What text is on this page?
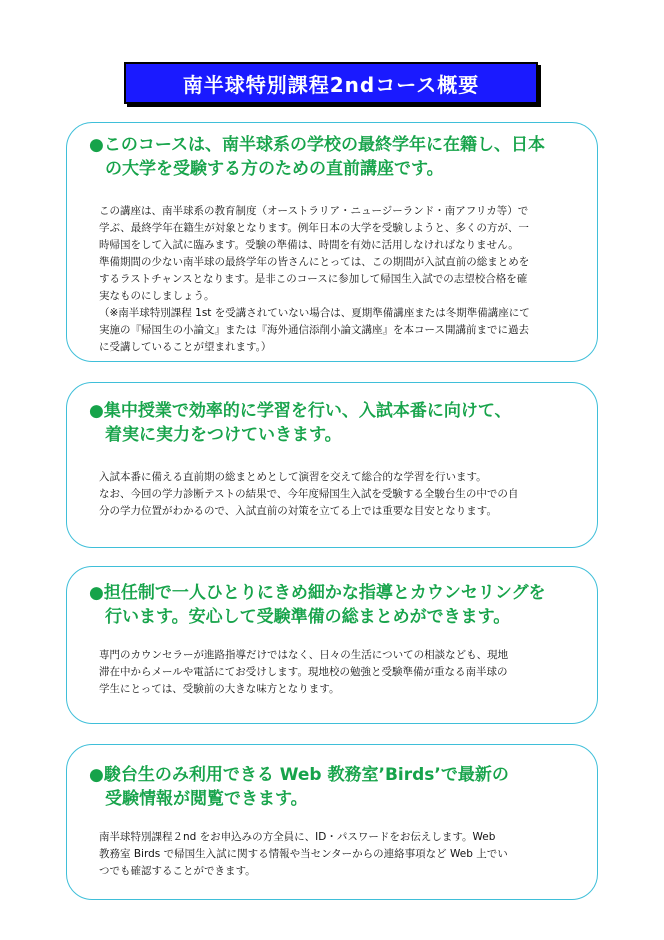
南半球特別課程2ndコース概要
●このコースは、南半球系の学校の最終学年に在籍し、日本
の大学を受験する方のための直前講座です。
この講座は、南半球系の教育制度（オーストラリア・ニュージーランド・南アフリカ等）で
学ぶ、最終学年在籍生が対象となります。例年日本の大学を受験しようと、多くの方が、一
時帰国をして入試に臨みます。受験の準備は、時間を有効に活用しなければなりません。
準備期間の少ない南半球の最終学年の皆さんにとっては、この期間が入試直前の総まとめを
するラストチャンスとなります。是非このコースに参加して帰国生入試での志望校合格を確
実なものにしましょう。
（※南半球特別課程 1st を受講されていない場合は、夏期準備講座または冬期準備講座にて
実施の『帰国生の小論文』または『海外通信添削小論文講座』を本コース開講前までに過去
に受講していることが望まれます。）
●集中授業で効率的に学習を行い、入試本番に向けて、
着実に実力をつけていきます。
入試本番に備える直前期の総まとめとして演習を交えて総合的な学習を行います。
なお、今回の学力診断テストの結果で、今年度帰国生入試を受験する全駿台生の中での自
分の学力位置がわかるので、入試直前の対策を立てる上では重要な目安となります。
●担任制で一人ひとりにきめ細かな指導とカウンセリングを
行います。安心して受験準備の総まとめができます。
専門のカウンセラーが進路指導だけではなく、日々の生活についての相談なども、現地
滞在中からメールや電話にてお受けします。現地校の勉強と受験準備が重なる南半球の
学生にとっては、受験前の大きな味方となります。
●駿台生のみ利用できる Web 教務室’Birds’で最新の
受験情報が閲覧できます。
南半球特別課程２nd をお申込みの方全員に、ID・パスワードをお伝えします。Web
教務室 Birds で帰国生入試に関する情報や当センターからの連絡事項など Web 上でい
つでも確認することができます。
